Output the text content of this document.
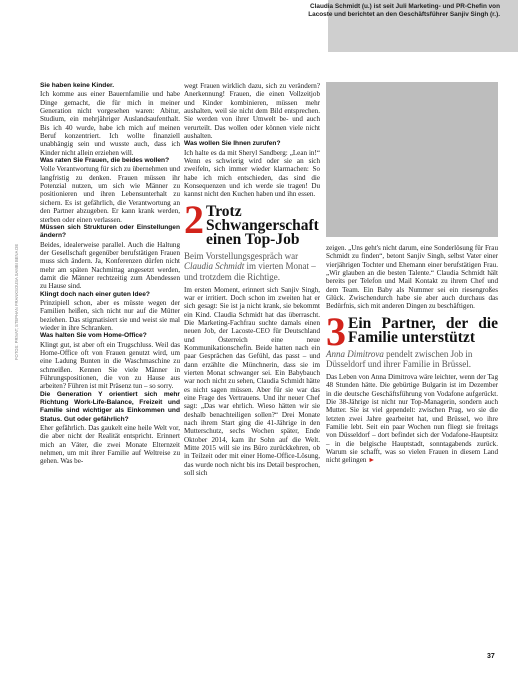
Claudia Schmidt (u.) ist seit Juli Marketing- und PR-Chefin von Lacoste und berichtet an den Geschäftsführer Sanjiv Singh (r.).
FOTOS: PRIVAT; STEPHAN FRANKSOUSA SAMBI BENA DE

Sie haben keine Kinder.

Ich komme aus einer Bauernfamilie und habe Dinge gemacht, die für mich in meiner Generation nicht vorgesehen waren: Abitur, Studium, ein mehrjähriger Auslandsaufenthalt. Bis ich 40 wurde, habe ich mich auf meinen Beruf konzentriert. Ich wollte finanziell unabhängig sein und wusste auch, dass ich Kinder nicht allein erziehen will.

Was raten Sie Frauen, die beides wollen?

Volle Verantwortung für sich zu übernehmen und langfristig zu denken. Frauen müssen ihr Potenzial nutzen, um sich wie Männer zu positionieren und ihren Lebensunterhalt zu sichern. Es ist gefährlich, die Verantwortung an den Partner abzugeben. Er kann krank werden, sterben oder einen verlassen.

Müssen sich Strukturen oder Einstellungen ändern?

Beides, idealerweise parallel. Auch die Haltung der Gesellschaft gegenüber berufstätigen Frauen muss sich ändern. Ja, Konferenzen dürfen nicht mehr am späten Nachmittag angesetzt werden, damit die Männer rechtzeitig zum Abendessen zu Hause sind.

Klingt doch nach einer guten Idee?

Prinzipiell schon, aber es müsste wegen der Familien heißen, sich nicht nur auf die Mütter beziehen. Das stigmatisiert sie und weist sie mal wieder in ihre Schranken.

Was halten Sie vom Home-Office?

Klingt gut, ist aber oft ein Trugschluss. Weil das Home-Office oft von Frauen genutzt wird, um eine Ladung Bunten in die Waschmaschine zu schmeißen. Kennen Sie viele Männer in Führungspositionen, die von zu Hause aus arbeiten? Führen ist mit Präsenz tun – so sorry.

Die Generation Y orientiert sich mehr Richtung Work-Life-Balance, Freizeit und Familie sind wichtiger als Einkommen und Status. Gut oder gefährlich?

Eher gefährlich. Das gaukelt eine heile Welt vor, die aber nicht der Realität entspricht. Erinnert mich an Väter, die zwei Monate Elternzeit nehmen, um mit ihrer Familie auf Weltreise zu gehen. Was be-

wegt Frauen wirklich dazu, sich zu verändern? Anerkennung! Frauen, die einen Vollzeitjob und Kinder kombinieren, müssen mehr aushalten, weil sie nicht dem Bild entsprechen. Sie werden von ihrer Umwelt be- und auch verurteilt. Das wollen oder können viele nicht aushalten.

Was wollen Sie Ihnen zurufen?

Ich halte es da mit Sheryl Sandberg: „Lean in!“ Wenn es schwierig wird oder sie an sich zweifeln, sich immer wieder klarmachen: So habe ich mich entschieden, das sind die Konsequenzen und ich werde sie tragen! Du kannst nicht den Kuchen haben und ihn essen.

2 Trotz Schwangerschaft einen Top-Job
Beim Vorstellungsgespräch war Claudia Schmidt im vierten Monat – und trotzdem die Richtige.

Im ersten Moment, erinnert sich Sanjiv Singh, war er irritiert. Doch schon im zweiten hat er sich gesagt: Sie ist ja nicht krank, sie bekommt ein Kind. Claudia Schmidt hat das überrascht. Die Marketing-Fachfrau suchte damals einen neuen Job, der Lacoste-CEO für Deutschland und Österreich eine neue Kommunikationschefin. Beide hatten nach ein paar Gesprächen das Gefühl, das passt – und dann erzählte die Münchnerin, dass sie im vierten Monat schwanger sei. Ein Babybauch war noch nicht zu sehen, Claudia Schmidt hätte es nicht sagen müssen. Aber für sie war das eine Frage des Vertrauens. Und ihr neuer Chef sagt: „Das war ehrlich. Wieso hätten wir sie deshalb benachteiligen sollen?“ Drei Monate nach ihrem Start ging die 41-Jährige in den Mutterschutz, sechs Wochen später, Ende Oktober 2014, kam ihr Sohn auf die Welt. Mitte 2015 will sie ins Büro zurückkehren, ob in Teilzeit oder mit einer Home-Office-Lösung, das wurde noch nicht bis ins Detail besprochen, soll sich

zeigen. „Uns geht's nicht darum, eine Sonderlösung für Frau Schmidt zu finden“, betont Sanjiv Singh, selbst Vater einer vierjährigen Tochter und Ehemann einer berufstätigen Frau. „Wir glauben an die besten Talente.“ Claudia Schmidt hält bereits per Telefon und Mail Kontakt zu ihrem Chef und dem Team. Ein Baby als Nummer sei ein riesengroßes Glück. Zwischendurch habe sie aber auch durchaus das Bedürfnis, sich mit anderen Dingen zu beschäftigen.

3 Ein Partner, der die Familie unterstützt
Anna Dimitrova pendelt zwischen Job in Düsseldorf und ihrer Familie in Brüssel.

Das Leben von Anna Dimitrova wäre leichter, wenn der Tag 48 Stunden hätte. Die gebürtige Bulgarin ist im Dezember in die deutsche Geschäftsführung von Vodafone aufgerückt. Die 38-Jährige ist nicht nur Top-Managerin, sondern auch Mutter. Sie ist viel gependelt: zwischen Prag, wo sie die letzten zwei Jahre gearbeitet hat, und Brüssel, wo ihre Familie lebt. Seit ein paar Wochen nun fliegt sie freitags von Düsseldorf – dort befindet sich der Vodafone-Hauptsitz – in die belgische Hauptstadt, sonntagabends zurück. Warum sie schafft, was so vielen Frauen in diesem Land nicht gelingen ►

37
